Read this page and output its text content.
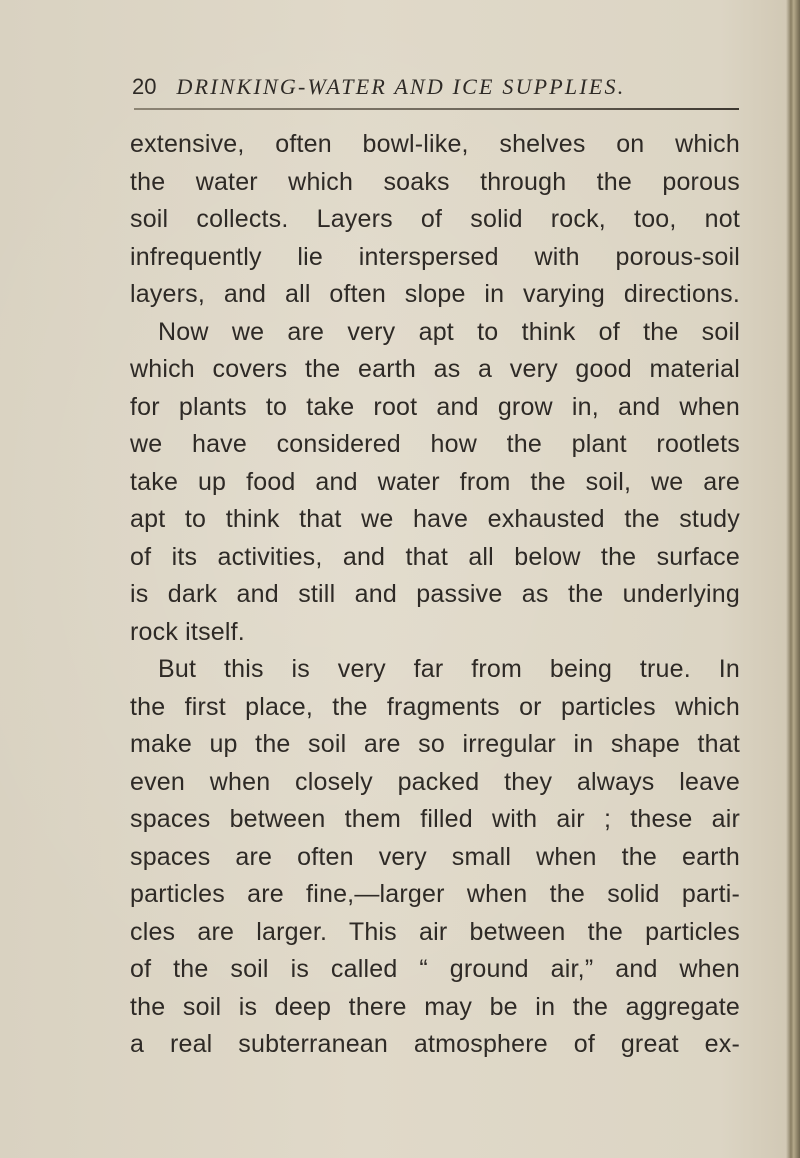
20 DRINKING-WATER AND ICE SUPPLIES.
extensive, often bowl-like, shelves on which
the water which soaks through the porous
soil collects. Layers of solid rock, too, not
infrequently lie interspersed with porous-soil
layers, and all often slope in varying directions.
Now we are very apt to think of the soil
which covers the earth as a very good material
for plants to take root and grow in, and when
we have considered how the plant rootlets
take up food and water from the soil, we are
apt to think that we have exhausted the study
of its activities, and that all below the surface
is dark and still and passive as the underlying
rock itself.
But this is very far from being true. In
the first place, the fragments or particles which
make up the soil are so irregular in shape that
even when closely packed they always leave
spaces between them filled with air ; these air
spaces are often very small when the earth
particles are fine,—larger when the solid parti-
cles are larger. This air between the particles
of the soil is called “ ground air,” and when
the soil is deep there may be in the aggregate
a real subterranean atmosphere of great ex-
